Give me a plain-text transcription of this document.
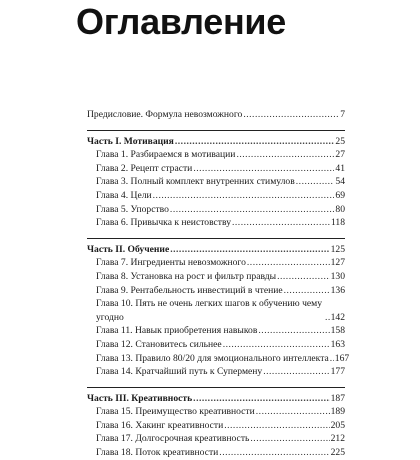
Оглавление
Предисловие. Формула невозможного .....	7
Часть I. Мотивация .....	25
Глава 1. Разбираемся в мотивации .....	27
Глава 2. Рецепт страсти .....	41
Глава 3. Полный комплект внутренних стимулов .....	54
Глава 4. Цели .....	69
Глава 5. Упорство .....	80
Глава 6. Привычка к неистовству .....	118
Часть II. Обучение .....	125
Глава 7. Ингредиенты невозможного .....	127
Глава 8. Установка на рост и фильтр правды .....	130
Глава 9. Рентабельность инвестиций в чтение .....	136
Глава 10. Пять не очень легких шагов к обучению чему угодно .....	142
Глава 11. Навык приобретения навыков .....	158
Глава 12. Становитесь сильнее .....	163
Глава 13. Правило 80/20 для эмоционального интеллекта ..... 167
Глава 14. Кратчайший путь к Супермену .....	177
Часть III. Креативность .....	187
Глава 15. Преимущество креативности .....	189
Глава 16. Хакинг креативности .....	205
Глава 17. Долгосрочная креативность .....	212
Глава 18. Поток креативности .....	225
